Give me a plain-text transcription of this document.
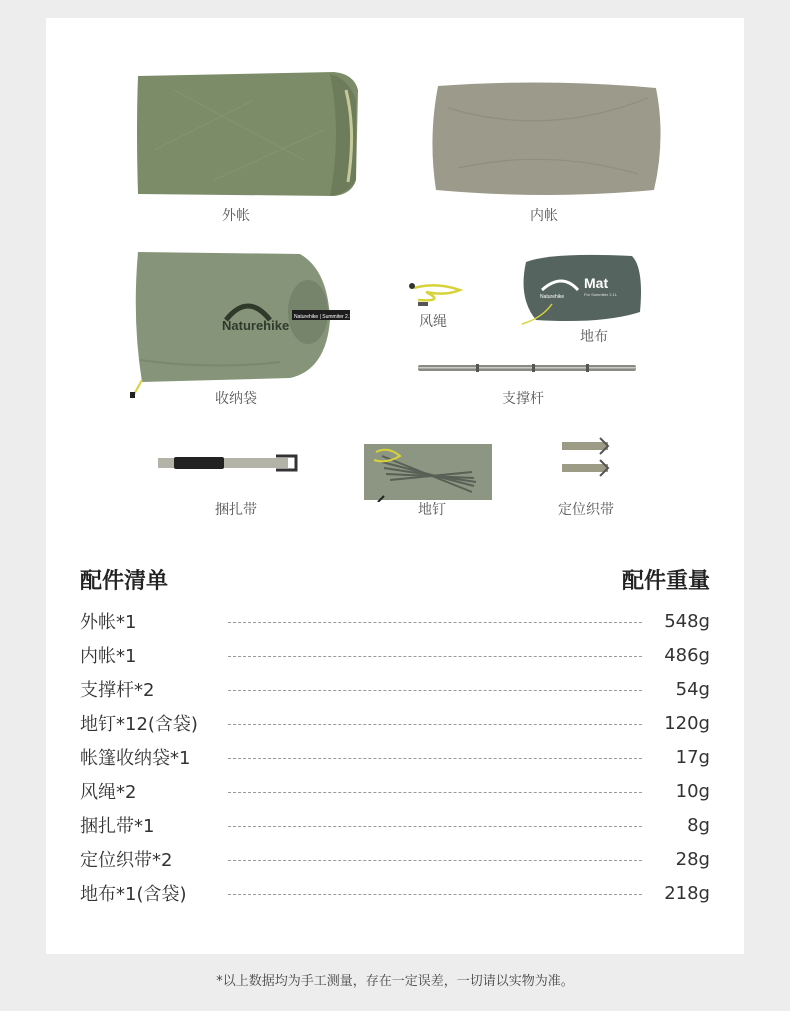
外帐	内帐
Naturehike
Naturehike | Summiter 2.1L
收纳袋
风绳
Mat
Naturehike	For Summiter 2.1L
地布
支撑杆
捆扎带	地钉	定位织带
配件清单	配件重量
外帐*1	548g
内帐*1	486g
支撑杆*2	54g
地钉*12(含袋)	120g
帐篷收纳袋*1	17g
风绳*2	10g
捆扎带*1	8g
定位织带*2	28g
地布*1(含袋)	218g
*以上数据均为手工测量，存在一定误差，一切请以实物为准。
